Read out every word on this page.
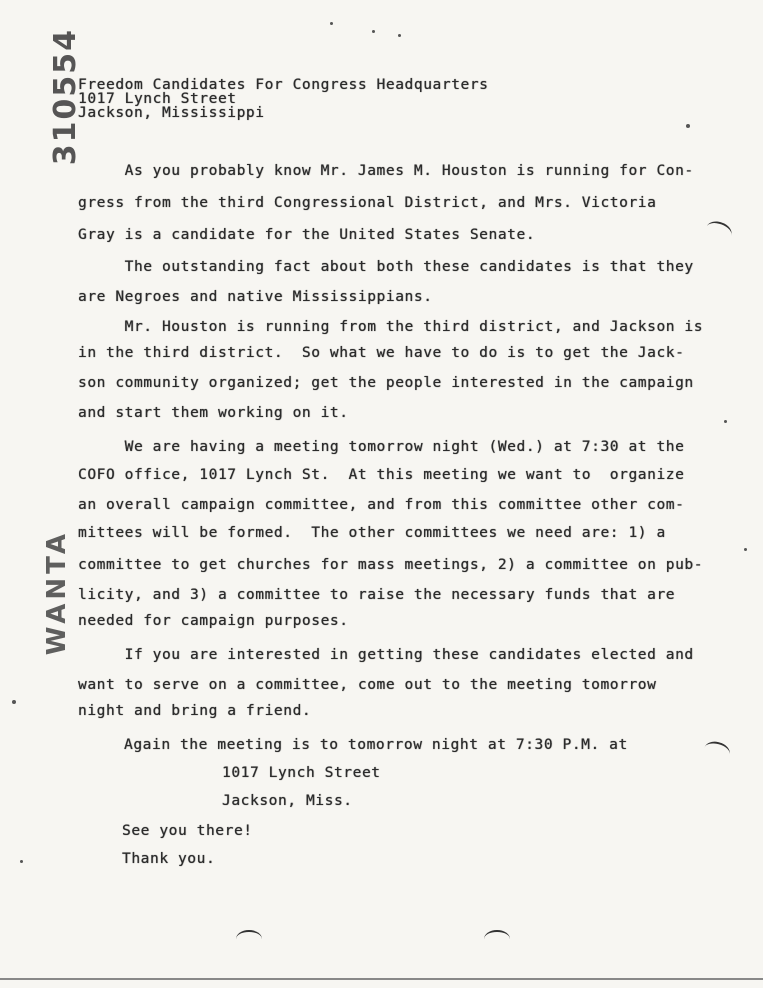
310554
WANTA
Freedom Candidates For Congress Headquarters
1017 Lynch Street
Jackson, Mississippi
As you probably know Mr. James M. Houston is running for Con-
gress from the third Congressional District, and Mrs. Victoria
Gray is a candidate for the United States Senate.
The outstanding fact about both these candidates is that they
are Negroes and native Mississippians.
Mr. Houston is running from the third district, and Jackson is
in the third district.  So what we have to do is to get the Jack-
son community organized; get the people interested in the campaign
and start them working on it.
We are having a meeting tomorrow night (Wed.) at 7:30 at the
COFO office, 1017 Lynch St.  At this meeting we want to  organize
an overall campaign committee, and from this committee other com-
mittees will be formed.  The other committees we need are: 1) a
committee to get churches for mass meetings, 2) a committee on pub-
licity, and 3) a committee to raise the necessary funds that are
needed for campaign purposes.
If you are interested in getting these candidates elected and
want to serve on a committee, come out to the meeting tomorrow
night and bring a friend.
Again the meeting is to tomorrow night at 7:30 P.M. at
1017 Lynch Street
Jackson, Miss.
See you there!
Thank you.
